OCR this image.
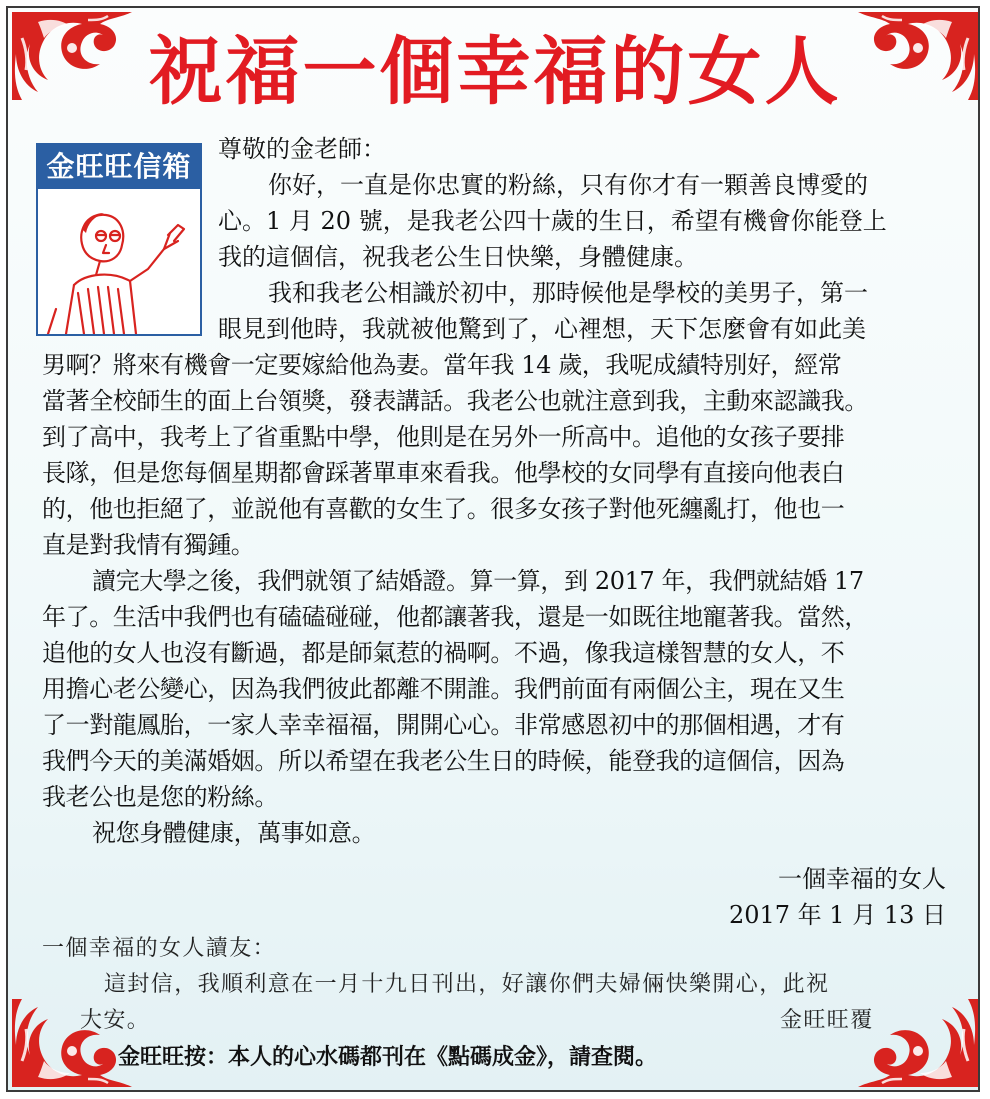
祝福一個幸福的女人
金旺旺信箱
尊敬的金老師：
你好，一直是你忠實的粉絲，只有你才有一顆善良博愛的
心。1 月 20 號，是我老公四十歲的生日，希望有機會你能登上
我的這個信，祝我老公生日快樂，身體健康。
我和我老公相識於初中，那時候他是學校的美男子，第一
眼見到他時，我就被他驚到了，心裡想，天下怎麼會有如此美
男啊？將來有機會一定要嫁給他為妻。當年我 14 歲，我呢成績特別好，經常
當著全校師生的面上台領獎，發表講話。我老公也就注意到我，主動來認識我。
到了高中，我考上了省重點中學，他則是在另外一所高中。追他的女孩子要排
長隊，但是您每個星期都會踩著單車來看我。他學校的女同學有直接向他表白
的，他也拒絕了，並説他有喜歡的女生了。很多女孩子對他死纏亂打，他也一
直是對我情有獨鍾。
讀完大學之後，我們就領了結婚證。算一算，到 2017 年，我們就結婚 17
年了。生活中我們也有磕磕碰碰，他都讓著我，還是一如既往地寵著我。當然，
追他的女人也沒有斷過，都是師氣惹的禍啊。不過，像我這樣智慧的女人，不
用擔心老公變心，因為我們彼此都離不開誰。我們前面有兩個公主，現在又生
了一對龍鳳胎，一家人幸幸福福，開開心心。非常感恩初中的那個相遇，才有
我們今天的美滿婚姻。所以希望在我老公生日的時候，能登我的這個信，因為
我老公也是您的粉絲。
祝您身體健康，萬事如意。
一個幸福的女人
2017 年 1 月 13 日
一個幸福的女人讀友：
這封信，我順利意在一月十九日刊出，好讓你們夫婦倆快樂開心，此祝
大安。	金旺旺覆
金旺旺按：本人的心水碼都刊在《點碼成金》，請查閱。
